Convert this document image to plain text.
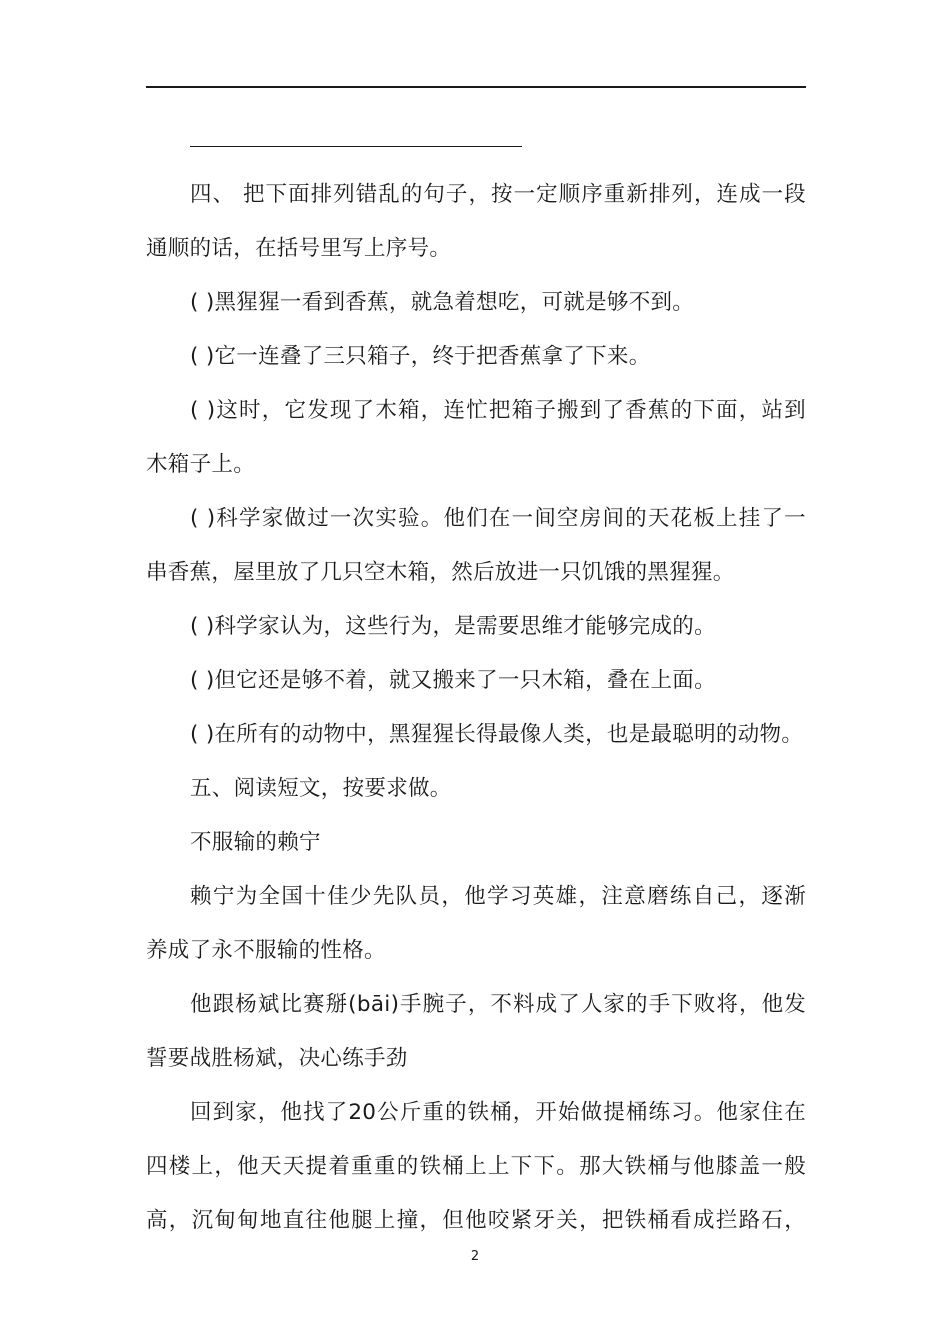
四、 把下面排列错乱的句子，按一定顺序重新排列，连成一段
通顺的话，在括号里写上序号。
( )黑猩猩一看到香蕉，就急着想吃，可就是够不到。
( )它一连叠了三只箱子，终于把香蕉拿了下来。
( )这时，它发现了木箱，连忙把箱子搬到了香蕉的下面，站到
木箱子上。
( )科学家做过一次实验。他们在一间空房间的天花板上挂了一
串香蕉，屋里放了几只空木箱，然后放进一只饥饿的黑猩猩。
( )科学家认为，这些行为，是需要思维才能够完成的。
( )但它还是够不着，就又搬来了一只木箱，叠在上面。
( )在所有的动物中，黑猩猩长得最像人类，也是最聪明的动物。
五、阅读短文，按要求做。
不服输的赖宁
赖宁为全国十佳少先队员，他学习英雄，注意磨练自己，逐渐
养成了永不服输的性格。
他跟杨斌比赛掰(bāi)手腕子，不料成了人家的手下败将，他发
誓要战胜杨斌，决心练手劲
回到家，他找了20公斤重的铁桶，开始做提桶练习。他家住在
四楼上，他天天提着重重的铁桶上上下下。那大铁桶与他膝盖一般
高，沉甸甸地直往他腿上撞，但他咬紧牙关，把铁桶看成拦路石，
2
